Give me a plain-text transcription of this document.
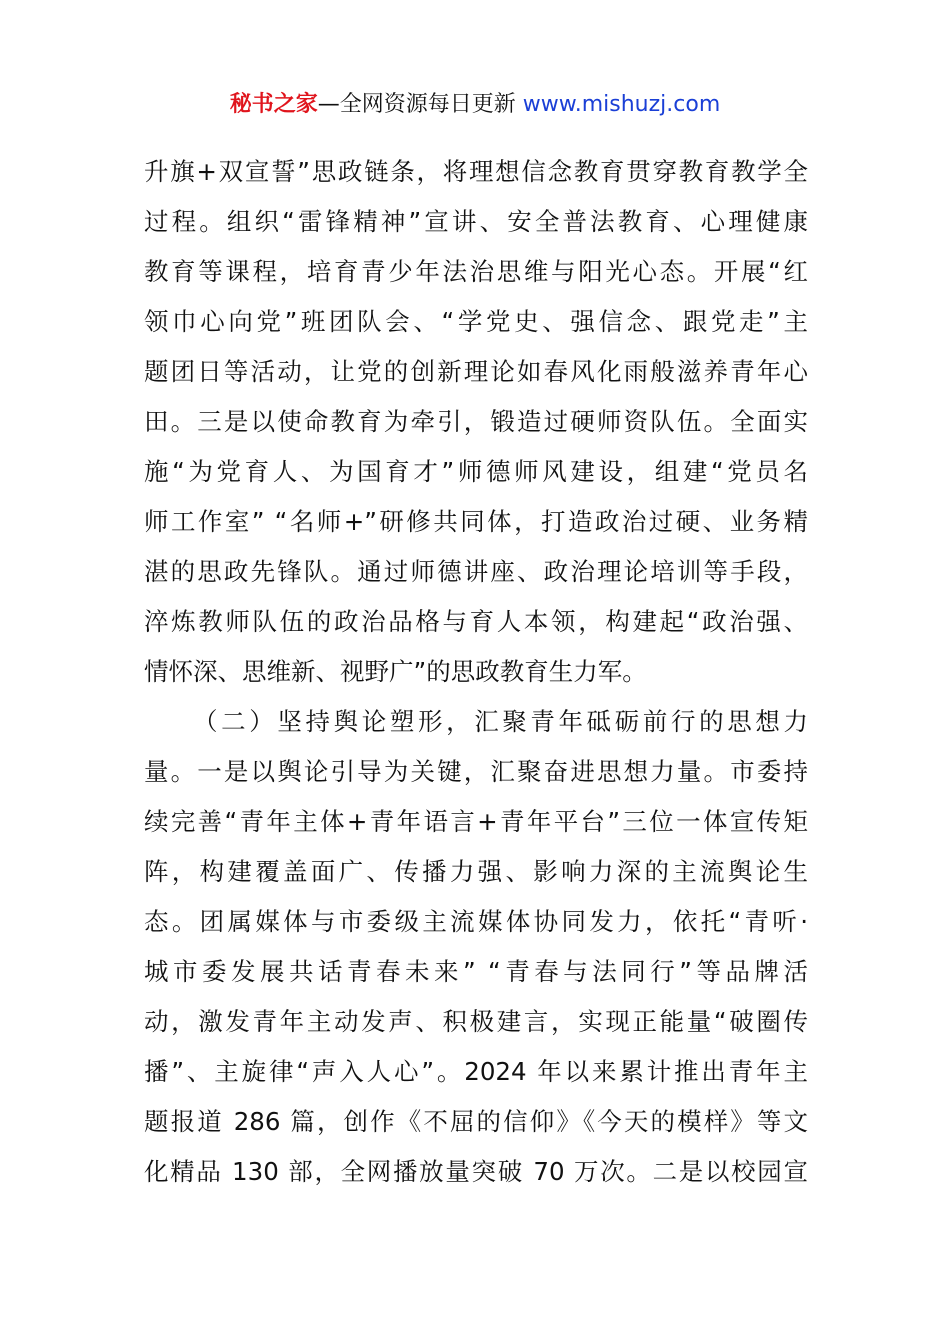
秘书之家—全网资源每日更新 www.mishuzj.com
升旗+双宣誓”思政链条，将理想信念教育贯穿教育教学全
过程。组织“雷锋精神”宣讲、安全普法教育、心理健康
教育等课程，培育青少年法治思维与阳光心态。开展“红
领巾心向党”班团队会、“学党史、强信念、跟党走”主
题团日等活动，让党的创新理论如春风化雨般滋养青年心
田。三是以使命教育为牵引，锻造过硬师资队伍。全面实
施“为党育人、为国育才”师德师风建设，组建“党员名
师工作室” “名师+”研修共同体，打造政治过硬、业务精
湛的思政先锋队。通过师德讲座、政治理论培训等手段，
淬炼教师队伍的政治品格与育人本领，构建起“政治强、
情怀深、思维新、视野广”的思政教育生力军。
（二）坚持舆论塑形，汇聚青年砥砺前行的思想力
量。一是以舆论引导为关键，汇聚奋进思想力量。市委持
续完善“青年主体+青年语言+青年平台”三位一体宣传矩
阵，构建覆盖面广、传播力强、影响力深的主流舆论生
态。团属媒体与市委级主流媒体协同发力，依托“青听·
城市委发展共话青春未来” “青春与法同行”等品牌活
动，激发青年主动发声、积极建言，实现正能量“破圈传
播”、主旋律“声入人心”。2024 年以来累计推出青年主
题报道 286 篇，创作《不屈的信仰》《今天的模样》等文
化精品 130 部，全网播放量突破 70 万次。二是以校园宣
